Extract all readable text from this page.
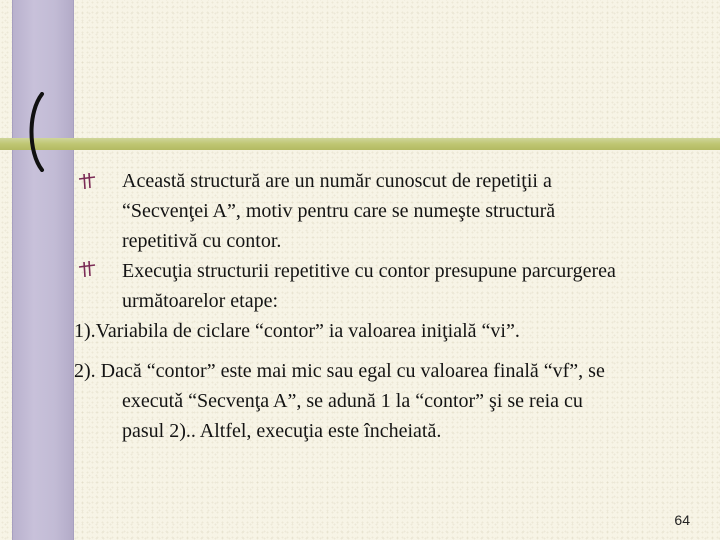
Această structură are un număr cunoscut de repetiţii a
“Secvenţei A”, motiv pentru care se numeşte structură
repetitivă cu contor.
Execuţia structurii repetitive cu contor presupune parcurgerea
următoarelor etape:
1).Variabila de ciclare “contor” ia valoarea iniţială “vi”.
2). Dacă “contor” este mai mic sau egal cu valoarea finală “vf”, se
executǎ “Secvenţa A”, se adună 1 la “contor” şi se reia cu
pasul 2).. Altfel, execuţia este încheiată.
64
